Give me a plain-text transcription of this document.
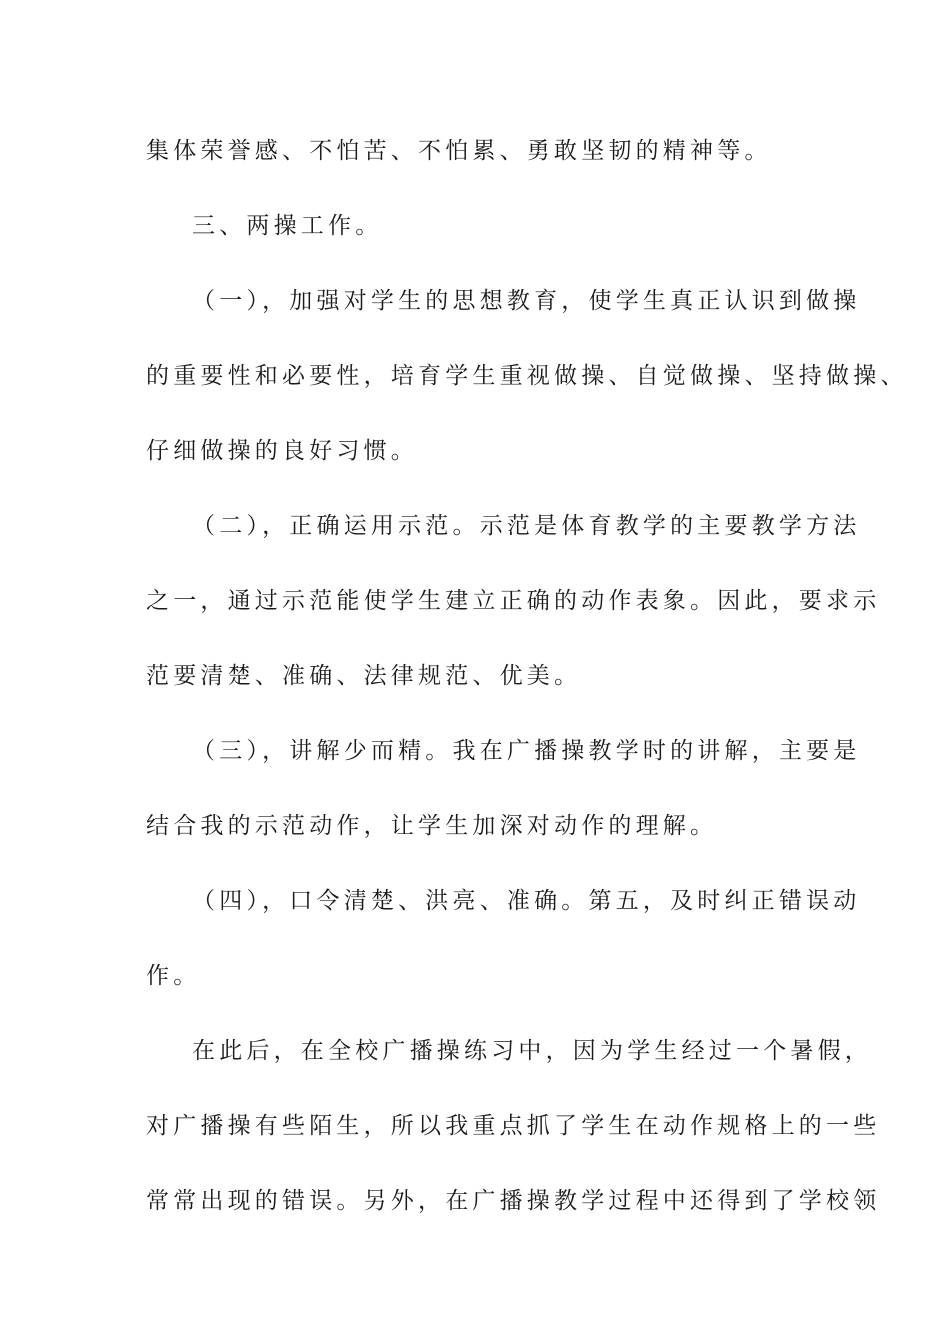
集体荣誉感、不怕苦、不怕累、勇敢坚韧的精神等。
三、两操工作。
（一），加强对学生的思想教育，使学生真正认识到做操
的重要性和必要性，培育学生重视做操、自觉做操、坚持做操、
仔细做操的良好习惯。
（二），正确运用示范。示范是体育教学的主要教学方法
之一，通过示范能使学生建立正确的动作表象。因此，要求示
范要清楚、准确、法律规范、优美。
（三），讲解少而精。我在广播操教学时的讲解，主要是
结合我的示范动作，让学生加深对动作的理解。
（四），口令清楚、洪亮、准确。第五，及时纠正错误动
作。
在此后，在全校广播操练习中，因为学生经过一个暑假，
对广播操有些陌生，所以我重点抓了学生在动作规格上的一些
常常出现的错误。另外，在广播操教学过程中还得到了学校领
